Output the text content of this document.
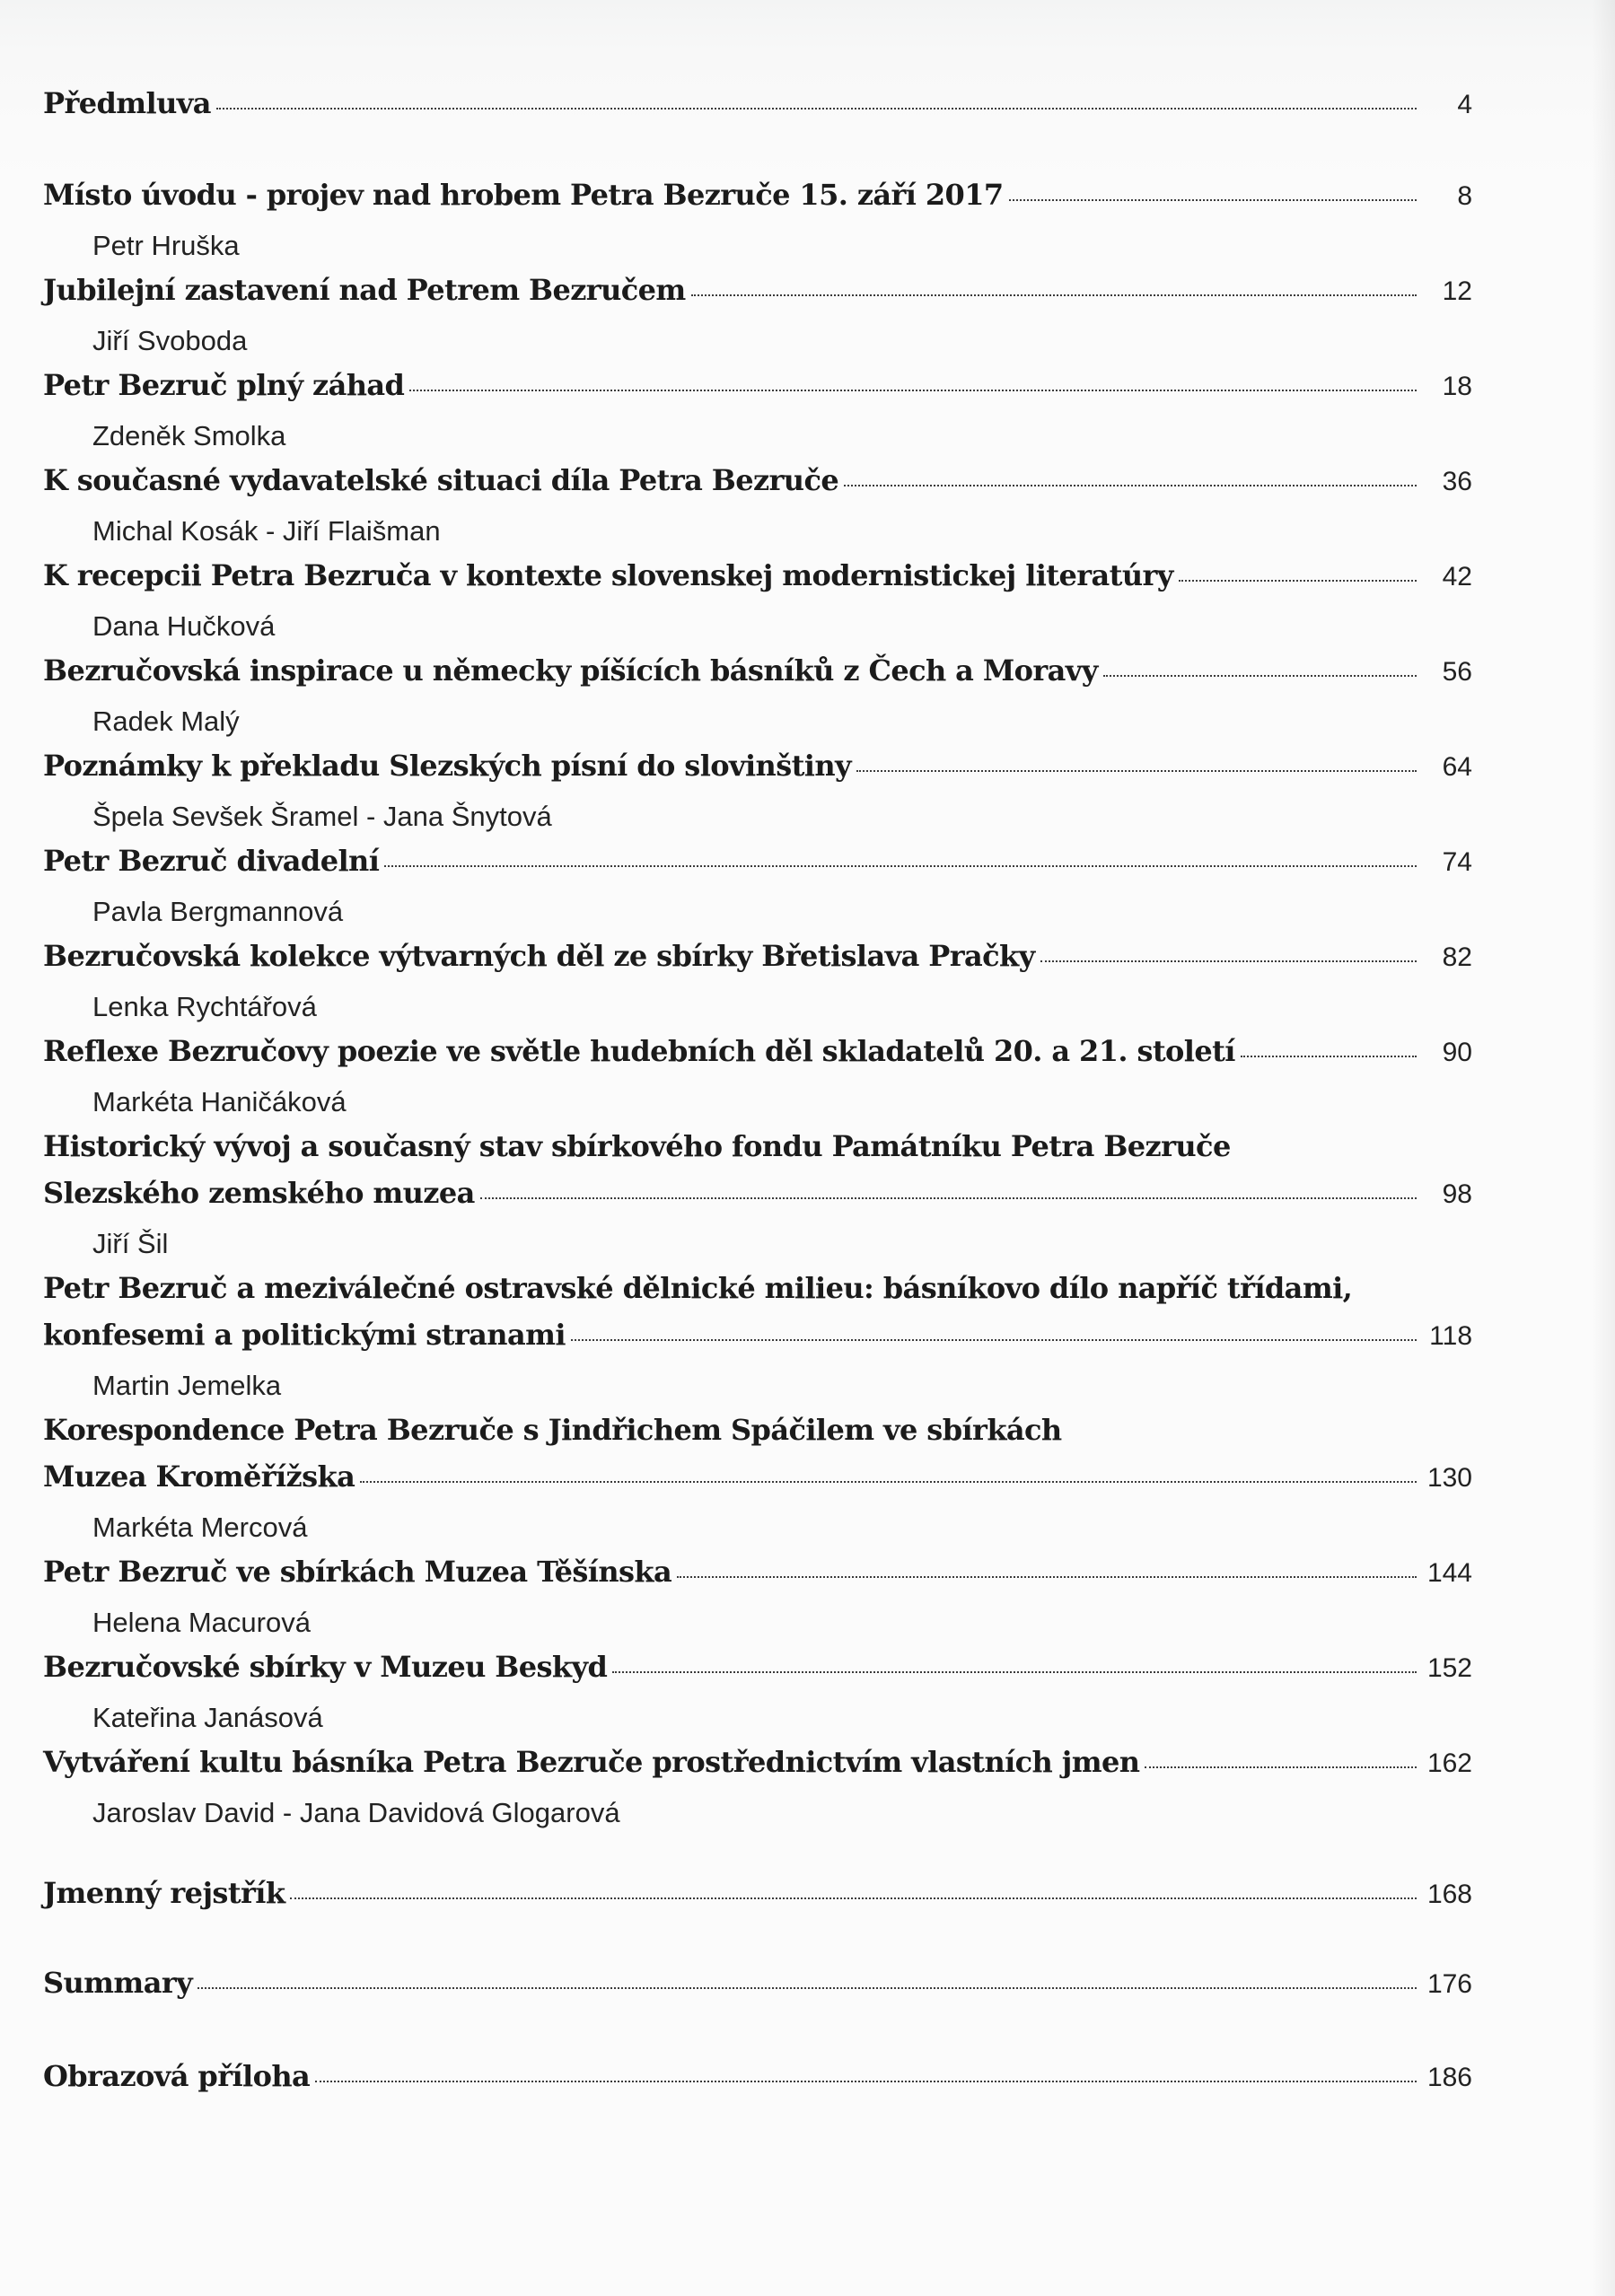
Předmluva	4
Místo úvodu - projev nad hrobem Petra Bezruče 15. září 2017	8
Petr Hruška
Jubilejní zastavení nad Petrem Bezručem	12
Jiří Svoboda
Petr Bezruč plný záhad	18
Zdeněk Smolka
K současné vydavatelské situaci díla Petra Bezruče	36
Michal Kosák - Jiří Flaišman
K recepcii Petra Bezruča v kontexte slovenskej modernistickej literatúry	42
Dana Hučková
Bezručovská inspirace u německy píšících básníků z Čech a Moravy	56
Radek Malý
Poznámky k překladu Slezských písní do slovinštiny	64
Špela Sevšek Šramel - Jana Šnytová
Petr Bezruč divadelní	74
Pavla Bergmannová
Bezručovská kolekce výtvarných děl ze sbírky Břetislava Pračky	82
Lenka Rychtářová
Reflexe Bezručovy poezie ve světle hudebních děl skladatelů 20. a 21. století	90
Markéta Haničáková
Historický vývoj a současný stav sbírkového fondu Památníku Petra Bezruče
Slezského zemského muzea	98
Jiří Šil
Petr Bezruč a meziválečné ostravské dělnické milieu: básníkovo dílo napříč třídami,
konfesemi a politickými stranami	118
Martin Jemelka
Korespondence Petra Bezruče s Jindřichem Spáčilem ve sbírkách
Muzea Kroměřížska	130
Markéta Mercová
Petr Bezruč ve sbírkách Muzea Těšínska	144
Helena Macurová
Bezručovské sbírky v Muzeu Beskyd	152
Kateřina Janásová
Vytváření kultu básníka Petra Bezruče prostřednictvím vlastních jmen	162
Jaroslav David - Jana Davidová Glogarová
Jmenný rejstřík	168
Summary	176
Obrazová příloha	186
